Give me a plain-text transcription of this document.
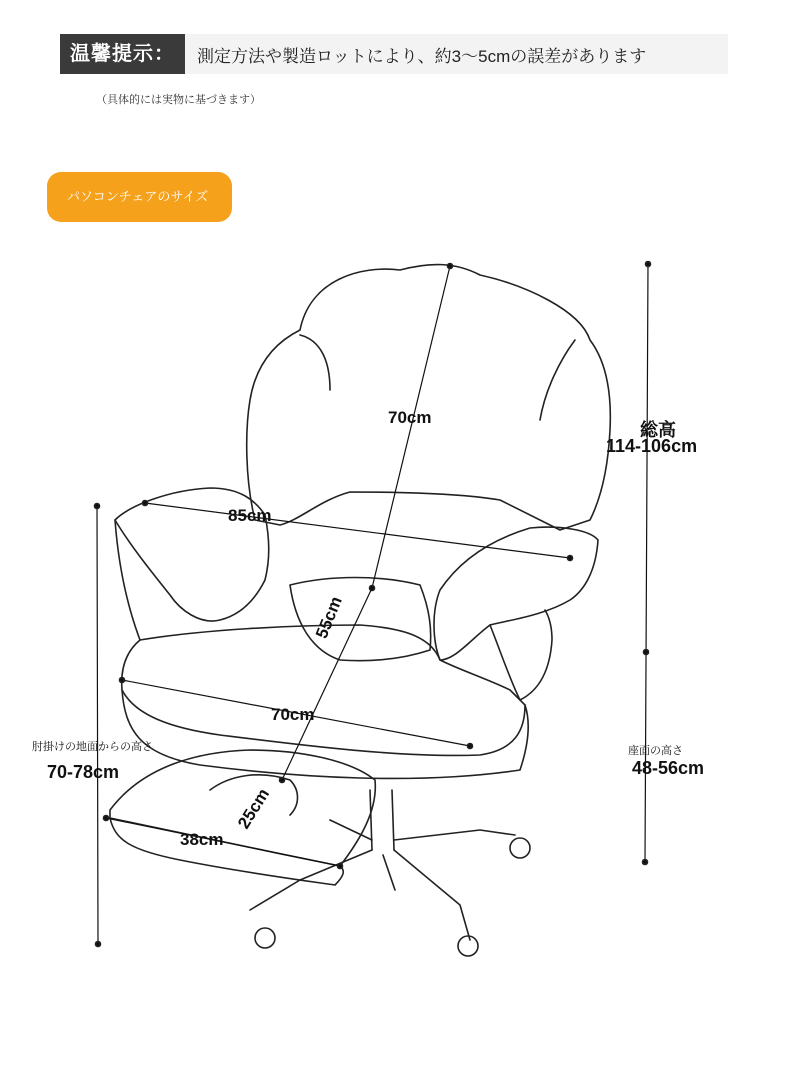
温馨提示：	測定方法や製造ロットにより、約3〜5cmの誤差があります
（具体的には実物に基づきます）
パソコンチェアのサイズ
70cm
総高
114-106cm
85cm
55cm
70cm
肘掛けの地面からの高さ
70-78cm
座面の高さ
48-56cm
25cm
38cm
